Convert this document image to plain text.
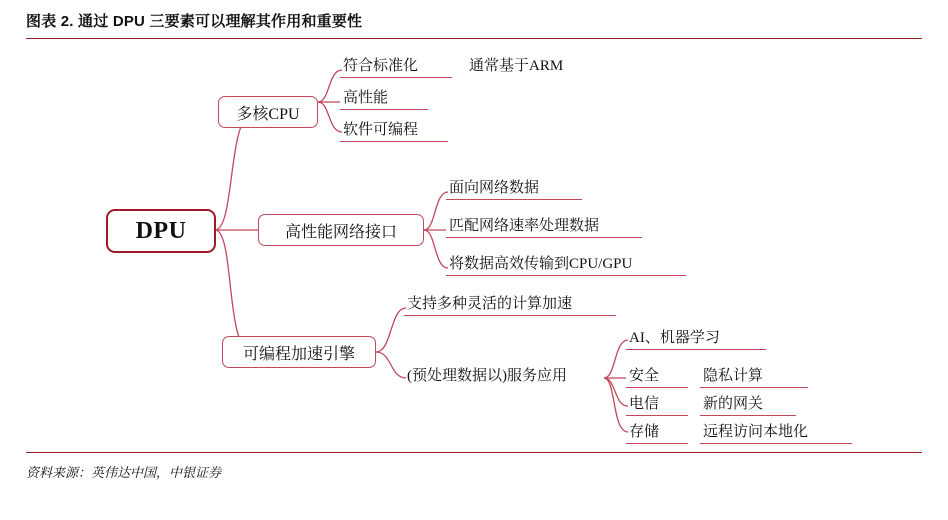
图表 2. 通过 DPU 三要素可以理解其作用和重要性
DPU
多核CPU
符合标准化	通常基于ARM
高性能
软件可编程
高性能网络接口
面向网络数据
匹配网络速率处理数据
将数据高效传输到CPU/GPU
可编程加速引擎
支持多种灵活的计算加速
(预处理数据以)服务应用
AI、机器学习
安全	隐私计算
电信	新的网关
存储	远程访问本地化
资料来源：英伟达中国，中银证券
